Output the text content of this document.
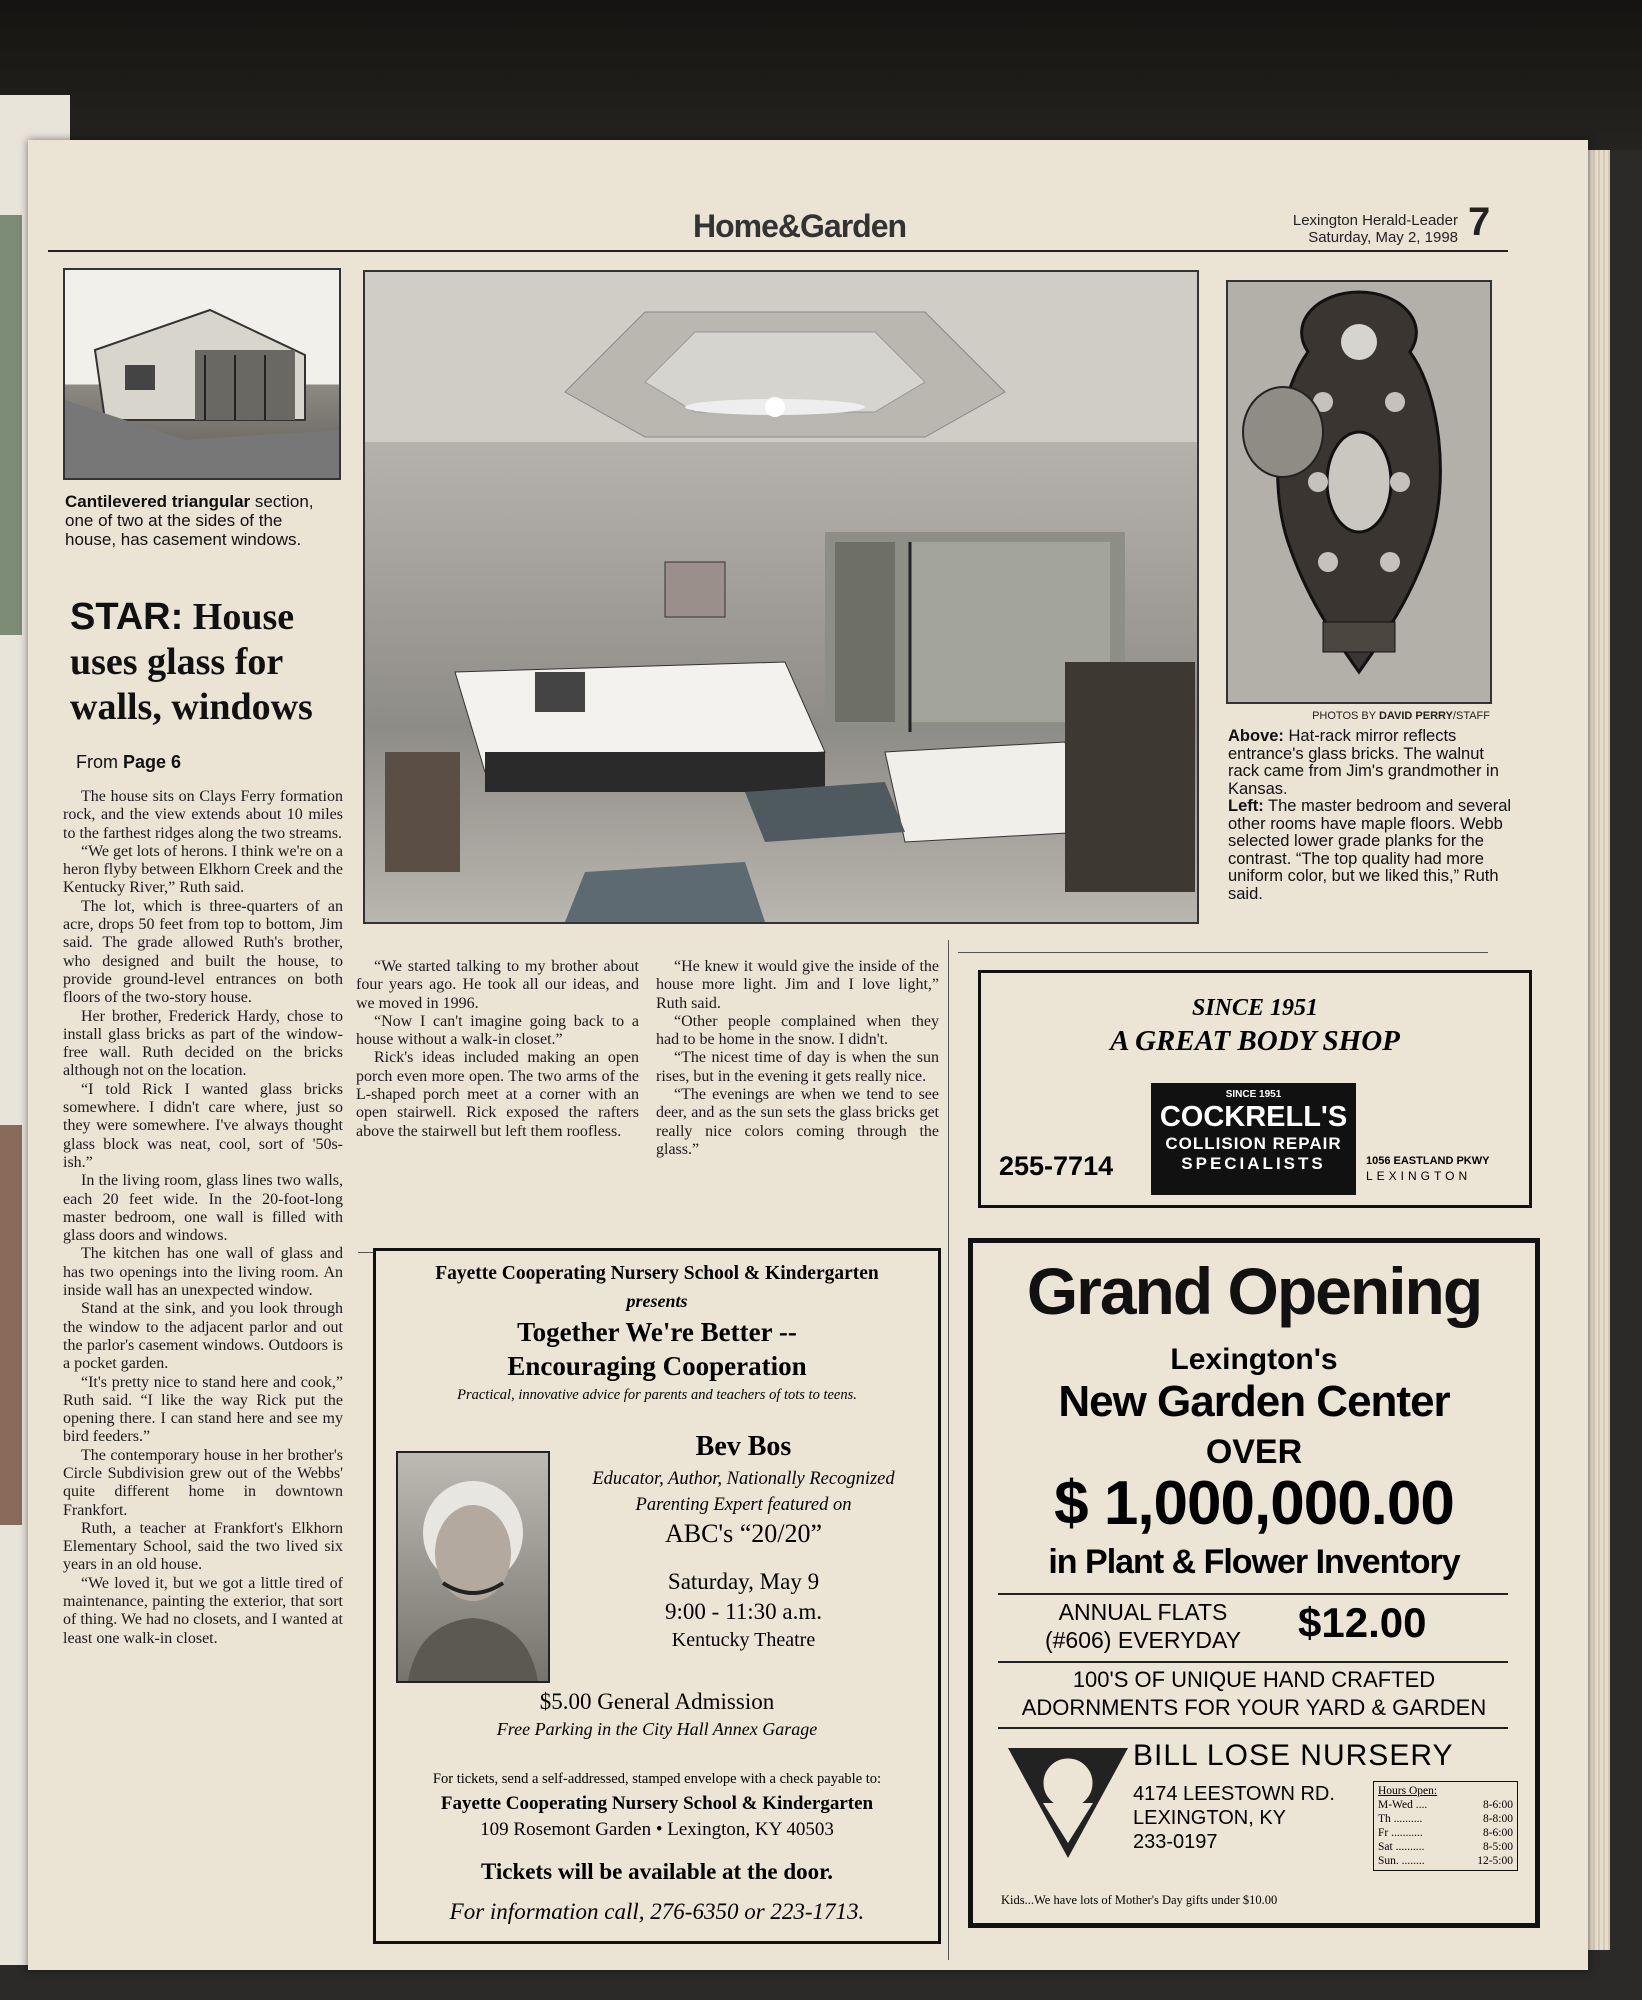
Home&Garden	Lexington Herald-Leader
Saturday, May 2, 1998 7
Cantilevered triangular section, one of two at the sides of the house, has casement windows.
STAR: House uses glass for walls, windows
From Page 6

The house sits on Clays Ferry formation rock, and the view extends about 10 miles to the farthest ridges along the two streams.

“We get lots of herons. I think we're on a heron flyby between Elkhorn Creek and the Kentucky River,” Ruth said.

The lot, which is three-quarters of an acre, drops 50 feet from top to bottom, Jim said. The grade allowed Ruth's brother, who designed and built the house, to provide ground-level entrances on both floors of the two-story house.

Her brother, Frederick Hardy, chose to install glass bricks as part of the window-free wall. Ruth decided on the bricks although not on the location.

“I told Rick I wanted glass bricks somewhere. I didn't care where, just so they were somewhere. I've always thought glass block was neat, cool, sort of '50s-ish.”

In the living room, glass lines two walls, each 20 feet wide. In the 20-foot-long master bedroom, one wall is filled with glass doors and windows.

The kitchen has one wall of glass and has two openings into the living room. An inside wall has an unexpected window.

Stand at the sink, and you look through the window to the adjacent parlor and out the parlor's casement windows. Outdoors is a pocket garden.

“It's pretty nice to stand here and cook,” Ruth said. “I like the way Rick put the opening there. I can stand here and see my bird feeders.”

The contemporary house in her brother's Circle Subdivision grew out of the Webbs' quite different home in downtown Frankfort.

Ruth, a teacher at Frankfort's Elkhorn Elementary School, said the two lived six years in an old house.

“We loved it, but we got a little tired of maintenance, painting the exterior, that sort of thing. We had no closets, and I wanted at least one walk-in closet.

PHOTOS BY DAVID PERRY/STAFF
Above: Hat-rack mirror reflects entrance's glass bricks. The walnut rack came from Jim's grandmother in Kansas.
Left: The master bedroom and several other rooms have maple floors. Webb selected lower grade planks for the contrast. “The top quality had more uniform color, but we liked this,” Ruth said.

“We started talking to my brother about four years ago. He took all our ideas, and we moved in 1996.

“Now I can't imagine going back to a house without a walk-in closet.”

Rick's ideas included making an open porch even more open. The two arms of the L-shaped porch meet at a corner with an open stairwell. Rick exposed the rafters above the stairwell but left them roofless.

“He knew it would give the inside of the house more light. Jim and I love light,” Ruth said.

“Other people complained when they had to be home in the snow. I didn't.

“The nicest time of day is when the sun rises, but in the evening it gets really nice.

“The evenings are when we tend to see deer, and as the sun sets the glass bricks get really nice colors coming through the glass.”

SINCE 1951
A GREAT BODY SHOP
SINCE 1951
COCKRELL'S
COLLISION REPAIR
SPECIALISTS
255-7714	1056 EASTLAND PKWY
LEXINGTON
Fayette Cooperating Nursery School & Kindergarten
presents
Together We're Better --
Encouraging Cooperation
Practical, innovative advice for parents and teachers of tots to teens.
Bev Bos
Educator, Author, Nationally Recognized
Parenting Expert featured on
ABC's “20/20”
Saturday, May 9
9:00 - 11:30 a.m.
Kentucky Theatre
$5.00 General Admission
Free Parking in the City Hall Annex Garage
For tickets, send a self-addressed, stamped envelope with a check payable to:
Fayette Cooperating Nursery School & Kindergarten
109 Rosemont Garden • Lexington, KY 40503
Tickets will be available at the door.
For information call, 276-6350 or 223-1713.
Grand Opening
Lexington's
New Garden Center
OVER
$ 1,000,000.00
in Plant & Flower Inventory
ANNUAL FLATS
(#606) EVERYDAY	$12.00
100'S OF UNIQUE HAND CRAFTED
ADORNMENTS FOR YOUR YARD & GARDEN
BILL LOSE NURSERY
4174 LEESTOWN RD.
LEXINGTON, KY
233-0197
Hours Open:
M-Wed ....	8-6:00
Th ..........	8-8:00
Fr ...........	8-6:00
Sat ..........	8-5:00
Sun. ........	12-5:00
Kids...We have lots of Mother's Day gifts under $10.00
